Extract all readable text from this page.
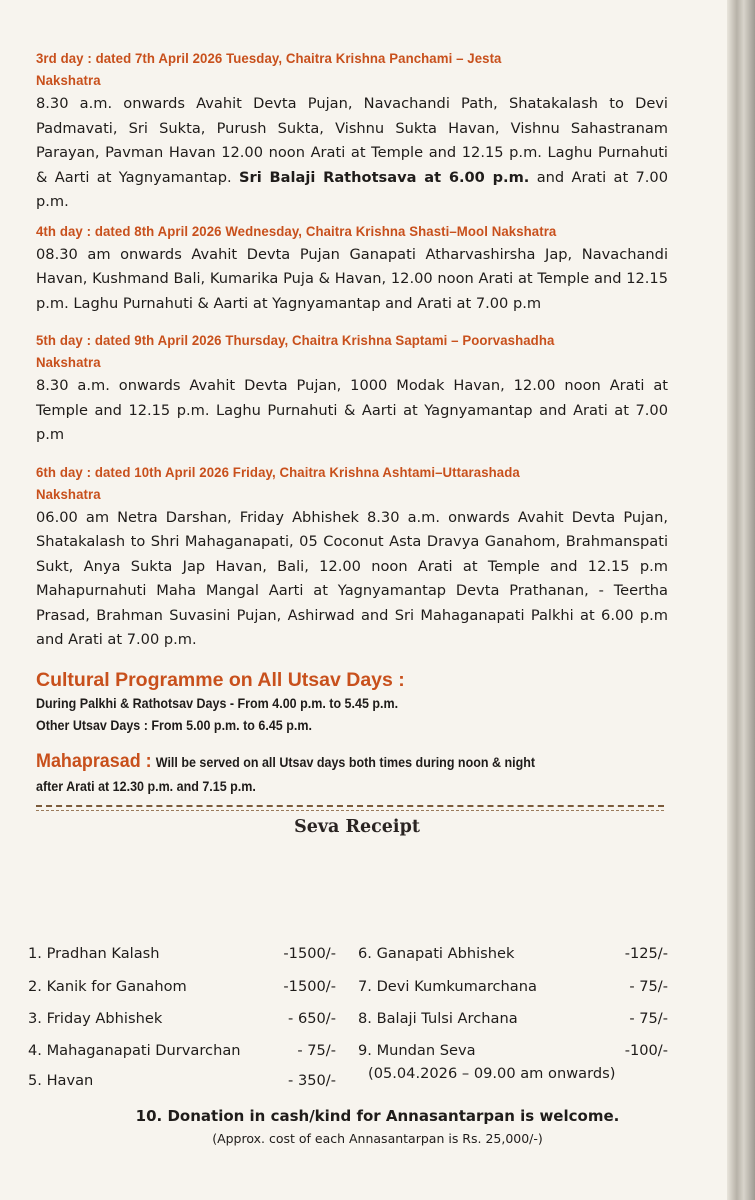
3rd day : dated 7th April 2026 Tuesday, Chaitra Krishna Panchami – Jesta
Nakshatra
8.30 a.m. onwards Avahit Devta Pujan, Navachandi Path, Shatakalash to Devi Padmavati, Sri Sukta, Purush Sukta, Vishnu Sukta Havan, Vishnu Sahastranam Parayan, Pavman Havan 12.00 noon Arati at Temple and 12.15 p.m. Laghu Purnahuti & Aarti at Yagnyamantap. Sri Balaji Rathotsava at 6.00 p.m. and Arati at 7.00 p.m.
4th day : dated 8th April 2026 Wednesday, Chaitra Krishna Shasti–Mool Nakshatra
08.30 am onwards Avahit Devta Pujan Ganapati Atharvashirsha Jap, Navachandi Havan, Kushmand Bali, Kumarika Puja & Havan, 12.00 noon Arati at Temple and 12.15 p.m. Laghu Purnahuti & Aarti at Yagnyamantap and Arati at 7.00 p.m
5th day : dated 9th April 2026 Thursday, Chaitra Krishna Saptami – Poorvashadha
Nakshatra
8.30 a.m. onwards Avahit Devta Pujan, 1000 Modak Havan, 12.00 noon Arati at Temple and 12.15 p.m. Laghu Purnahuti & Aarti at Yagnyamantap and Arati at 7.00 p.m
6th day : dated 10th April 2026 Friday, Chaitra Krishna Ashtami–Uttarashada
Nakshatra
06.00 am Netra Darshan, Friday Abhishek 8.30 a.m. onwards Avahit Devta Pujan, Shatakalash to Shri Mahaganapati, 05 Coconut Asta Dravya Ganahom, Brahmanspati Sukt, Anya Sukta Jap Havan, Bali, 12.00 noon Arati at Temple and 12.15 p.m Mahapurnahuti Maha Mangal Aarti at Yagnyamantap Devta Prathanan, - Teertha Prasad, Brahman Suvasini Pujan, Ashirwad and Sri Mahaganapati Palkhi at 6.00 p.m and Arati at 7.00 p.m.
Cultural Programme on All Utsav Days :
During Palkhi & Rathotsav Days - From 4.00 p.m. to 5.45 p.m.
Other Utsav Days : From 5.00 p.m. to 6.45 p.m.
Mahaprasad : Will be served on all Utsav days both times during noon & night
after Arati at 12.30 p.m. and 7.15 p.m.
Seva Receipt
1. Pradhan Kalash	-1500/-
2. Kanik for Ganahom	-1500/-
3. Friday Abhishek	- 650/-
4. Mahaganapati Durvarchan	- 75/-
5. Havan	- 350/-
6. Ganapati Abhishek	-125/-
7. Devi Kumkumarchana	- 75/-
8. Balaji Tulsi Archana	- 75/-
9. Mundan Seva	-100/-
(05.04.2026 – 09.00 am onwards)
10. Donation in cash/kind for Annasantarpan is welcome.
(Approx. cost of each Annasantarpan is Rs. 25,000/-)
